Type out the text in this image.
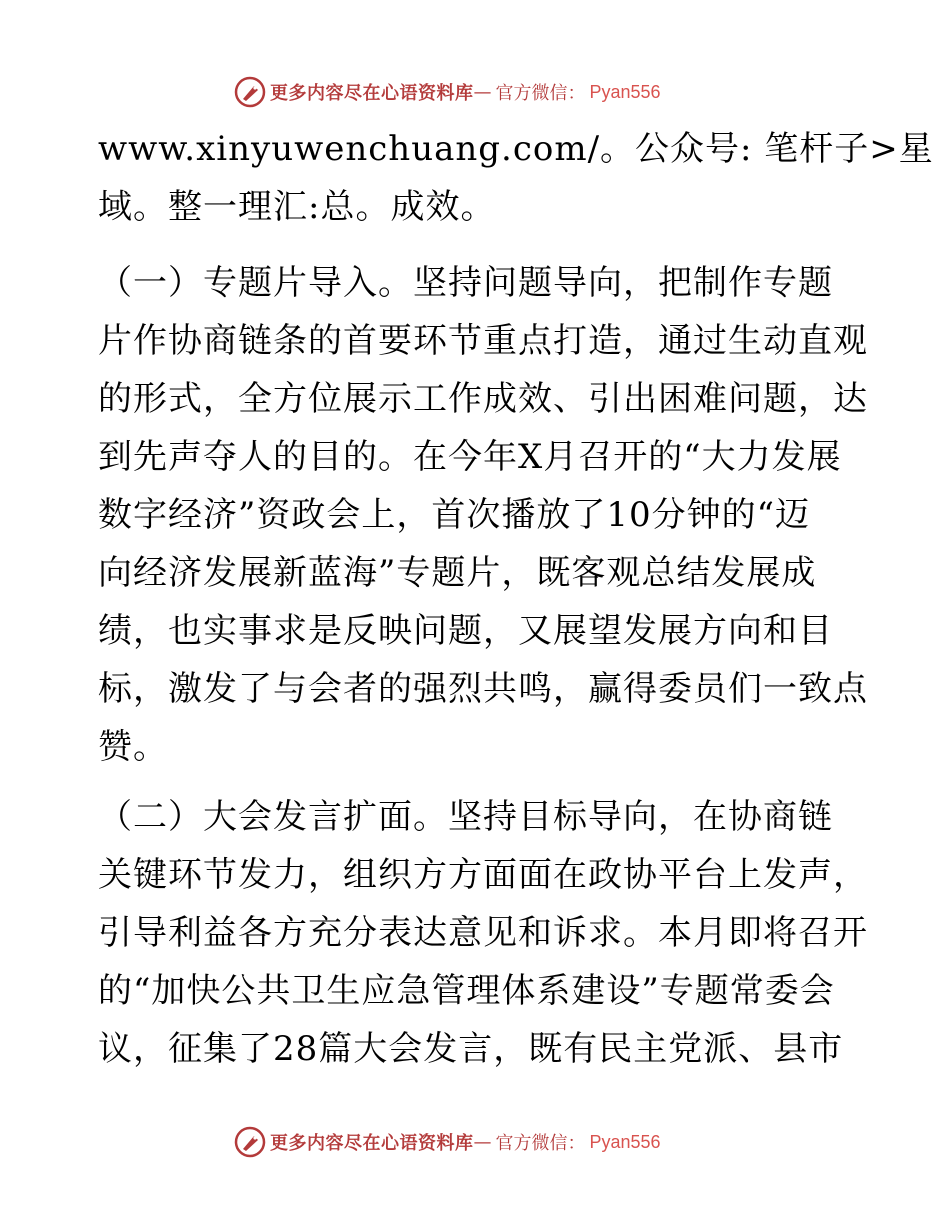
更多内容尽在心语资料库 — 官方微信： Pyan556

www.xinyuwenchuang.com/。公众号: 笔杆子>星
域。整一理汇:总。成效。

（一）专题片导入。坚持问题导向，把制作专题
片作协商链条的首要环节重点打造，通过生动直观
的形式，全方位展示工作成效、引出困难问题，达
到先声夺人的目的。在今年X月召开的“大力发展
数字经济”资政会上，首次播放了10分钟的“迈
向经济发展新蓝海”专题片，既客观总结发展成
绩，也实事求是反映问题，又展望发展方向和目
标，激发了与会者的强烈共鸣，赢得委员们一致点
赞。

（二）大会发言扩面。坚持目标导向，在协商链
关键环节发力，组织方方面面在政协平台上发声，
引导利益各方充分表达意见和诉求。本月即将召开
的“加快公共卫生应急管理体系建设”专题常委会
议，征集了28篇大会发言，既有民主党派、县市

更多内容尽在心语资料库 — 官方微信： Pyan556
